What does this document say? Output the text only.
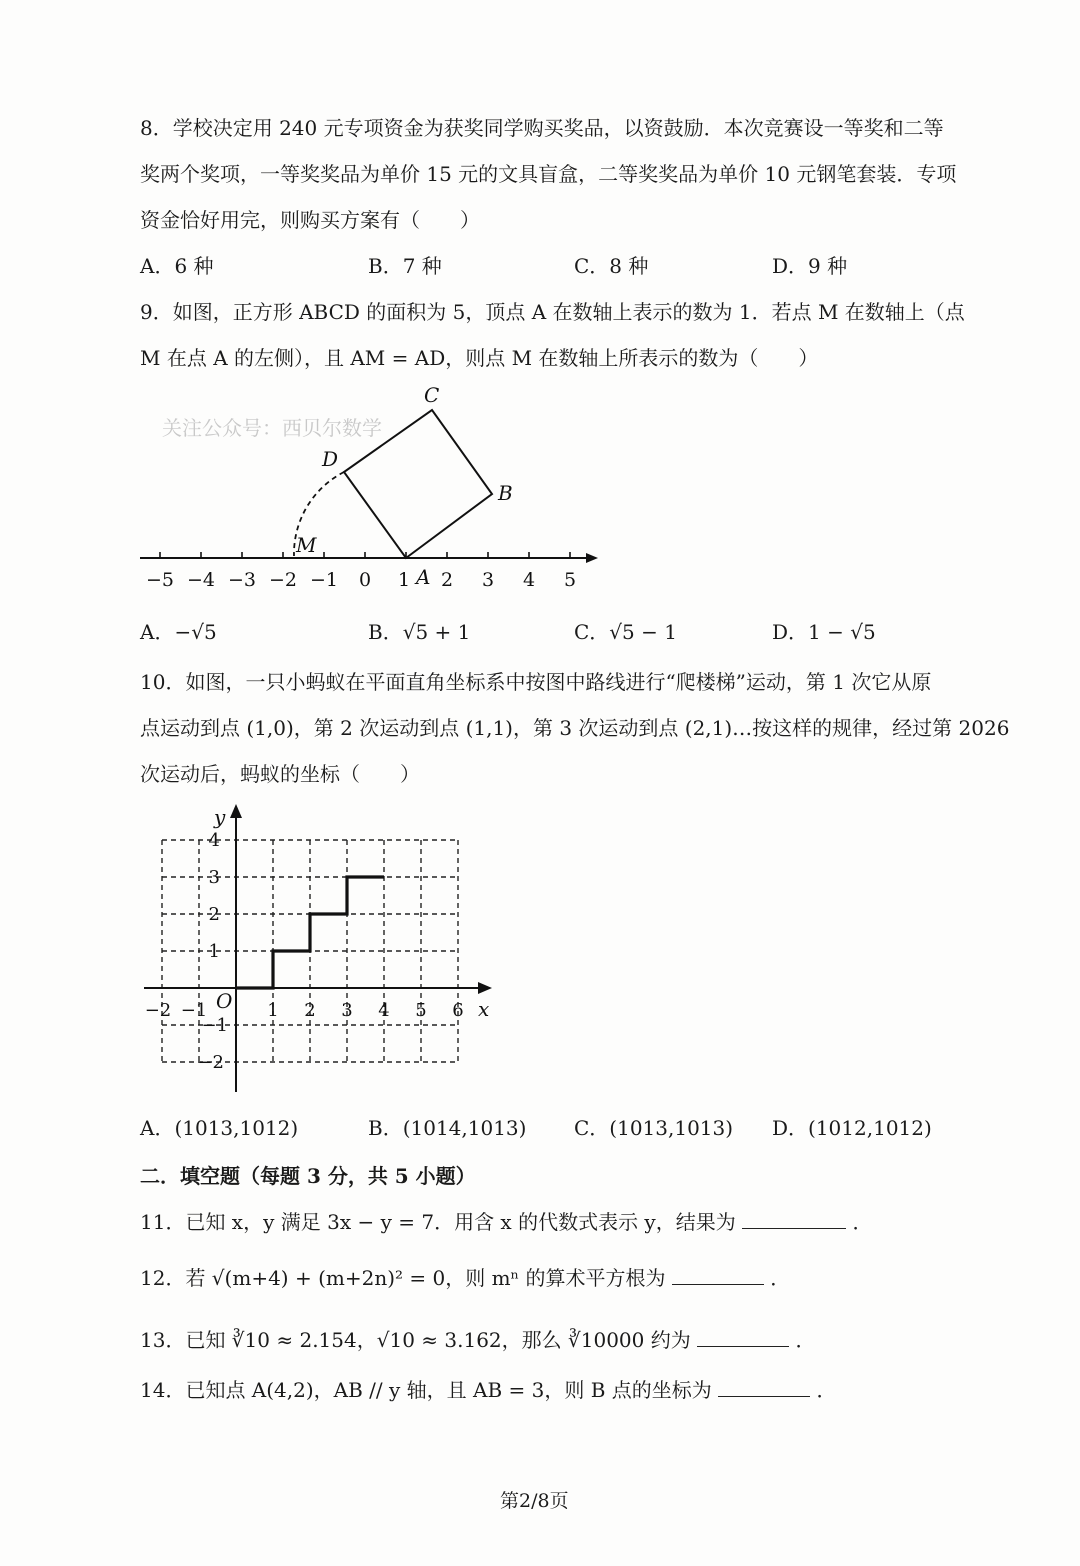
8．学校决定用 240 元专项资金为获奖同学购买奖品，以资鼓励．本次竞赛设一等奖和二等
奖两个奖项，一等奖奖品为单价 15 元的文具盲盒，二等奖奖品为单价 10 元钢笔套装．专项
资金恰好用完，则购买方案有（　　）
A．6 种	B．7 种	C．8 种	D．9 种
9．如图，正方形 ABCD 的面积为 5，顶点 A 在数轴上表示的数为 1．若点 M 在数轴上（点
M 在点 A 的左侧），且 AM = AD，则点 M 在数轴上所表示的数为（　　）
关注公众号：西贝尔数学
−5 −4 −3 −2 −1 0 1 2 3 4 5
A
B
C
D
M
A．−√5	B．√5 + 1	C．√5 − 1	D．1 − √5
10．如图，一只小蚂蚁在平面直角坐标系中按图中路线进行“爬楼梯”运动，第 1 次它从原
点运动到点 (1,0)，第 2 次运动到点 (1,1)，第 3 次运动到点 (2,1)…按这样的规律，经过第 2026
次运动后，蚂蚁的坐标（　　）
−2 −1	1 2 3 4 5 6
4
3
2
1
−1
−2
y
x
O
A．(1013,1012)	B．(1014,1013) C．(1013,1013) D．(1012,1012)
二．填空题（每题 3 分，共 5 小题）
11．已知 x，y 满足 3x − y = 7．用含 x 的代数式表示 y，结果为	．
12．若 √(m+4) + (m+2n)² = 0，则 mⁿ 的算术平方根为	．
13．已知 ∛10 ≈ 2.154，√10 ≈ 3.162，那么 ∛10000 约为	．
14．已知点 A(4,2)，AB // y 轴，且 AB = 3，则 B 点的坐标为	．
第2/8页
